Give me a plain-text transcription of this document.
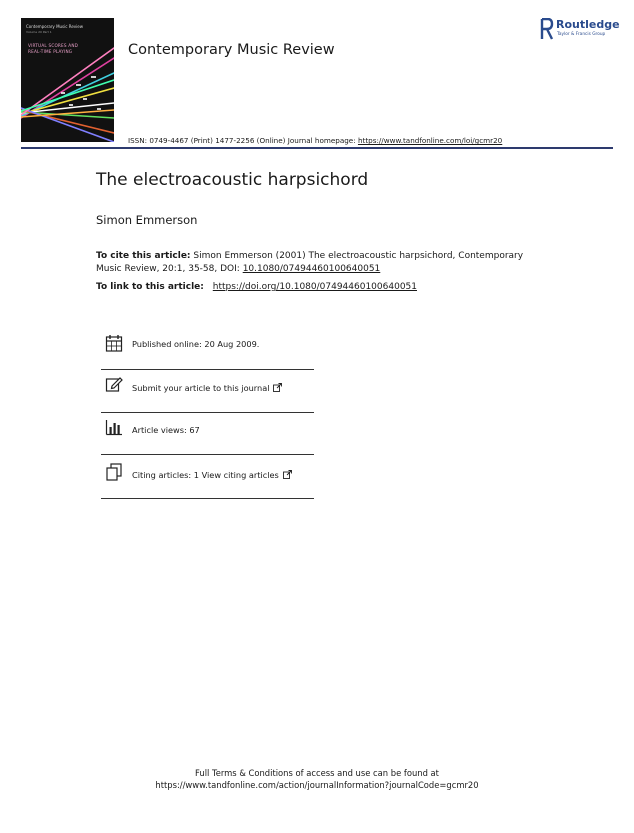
Contemporary Music Review
Volume 20 Part 1
VIRTUAL SCORES AND
REAL-TIME PLAYING	Contemporary Music Review
Routledge
Taylor & Francis Group
ISSN: 0749-4467 (Print) 1477-2256 (Online) Journal homepage: https://www.tandfonline.com/loi/gcmr20
The electroacoustic harpsichord
Simon Emmerson
To cite this article: Simon Emmerson (2001) The electroacoustic harpsichord, Contemporary Music Review, 20:1, 35-58, DOI: 10.1080/07494460100640051
To link to this article: https://doi.org/10.1080/07494460100640051
Published online: 20 Aug 2009.
Submit your article to this journal
Article views: 67
Citing articles: 1 View citing articles
Full Terms & Conditions of access and use can be found at
https://www.tandfonline.com/action/journalInformation?journalCode=gcmr20
